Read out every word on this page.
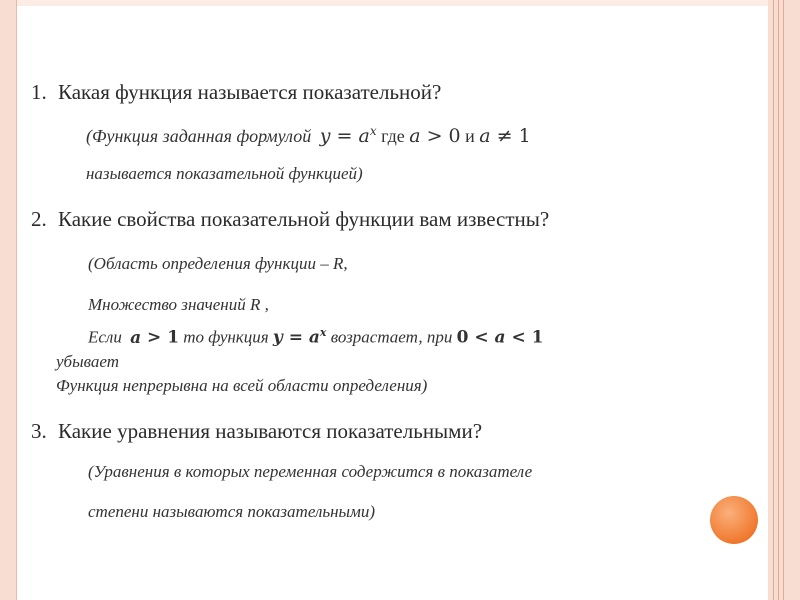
1. Какая функция называется показательной?
(Функция заданная формулой $y = a^x$ где a > 0 и a ≠ 1
называется показательной функцией)
2. Какие свойства показательной функции вам известны?
(Область определения функции – R,
Множество значений R ,
Если a > 1 то функция $y = a^x$ возрастает, при 0 < a < 1
убывает
Функция непрерывна на всей области определения)
3. Какие уравнения называются показательными?
(Уравнения в которых переменная содержится в показателе
степени называются показательными)
